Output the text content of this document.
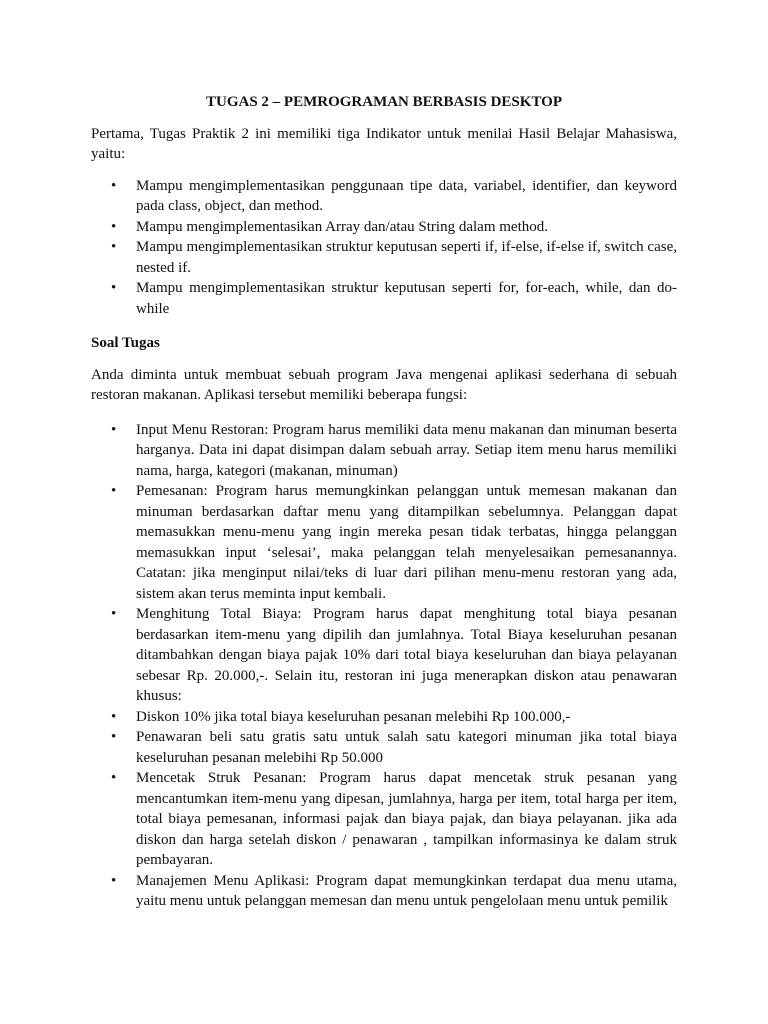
TUGAS 2 – PEMROGRAMAN BERBASIS DESKTOP

Pertama, Tugas Praktik 2 ini memiliki tiga Indikator untuk menilai Hasil Belajar Mahasiswa, yaitu:

•	Mampu mengimplementasikan penggunaan tipe data, variabel, identifier, dan keyword pada class, object, dan method.
•	Mampu mengimplementasikan Array dan/atau String dalam method.
•	Mampu mengimplementasikan struktur keputusan seperti if, if-else, if-else if, switch case, nested if.
•	Mampu mengimplementasikan struktur keputusan seperti for, for-each, while, dan do-while
Soal Tugas

Anda diminta untuk membuat sebuah program Java mengenai aplikasi sederhana di sebuah restoran makanan. Aplikasi tersebut memiliki beberapa fungsi:

•	Input Menu Restoran: Program harus memiliki data menu makanan dan minuman beserta harganya. Data ini dapat disimpan dalam sebuah array. Setiap item menu harus memiliki nama, harga, kategori (makanan, minuman)
•	Pemesanan: Program harus memungkinkan pelanggan untuk memesan makanan dan minuman berdasarkan daftar menu yang ditampilkan sebelumnya. Pelanggan dapat memasukkan menu-menu yang ingin mereka pesan tidak terbatas, hingga pelanggan memasukkan input ‘selesai’, maka pelanggan telah menyelesaikan pemesanannya. Catatan: jika menginput nilai/teks di luar dari pilihan menu-menu restoran yang ada, sistem akan terus meminta input kembali.
•	Menghitung Total Biaya: Program harus dapat menghitung total biaya pesanan berdasarkan item-menu yang dipilih dan jumlahnya. Total Biaya keseluruhan pesanan ditambahkan dengan biaya pajak 10% dari total biaya keseluruhan dan biaya pelayanan sebesar Rp. 20.000,-. Selain itu, restoran ini juga menerapkan diskon atau penawaran khusus:
•	Diskon 10% jika total biaya keseluruhan pesanan melebihi Rp 100.000,-
•	Penawaran beli satu gratis satu untuk salah satu kategori minuman jika total biaya keseluruhan pesanan melebihi Rp 50.000
•	Mencetak Struk Pesanan: Program harus dapat mencetak struk pesanan yang mencantumkan item-menu yang dipesan, jumlahnya, harga per item, total harga per item, total biaya pemesanan, informasi pajak dan biaya pajak, dan biaya pelayanan. jika ada diskon dan harga setelah diskon / penawaran , tampilkan informasinya ke dalam struk pembayaran.
•	Manajemen Menu Aplikasi: Program dapat memungkinkan terdapat dua menu utama, yaitu menu untuk pelanggan memesan dan menu untuk pengelolaan menu untuk pemilik
